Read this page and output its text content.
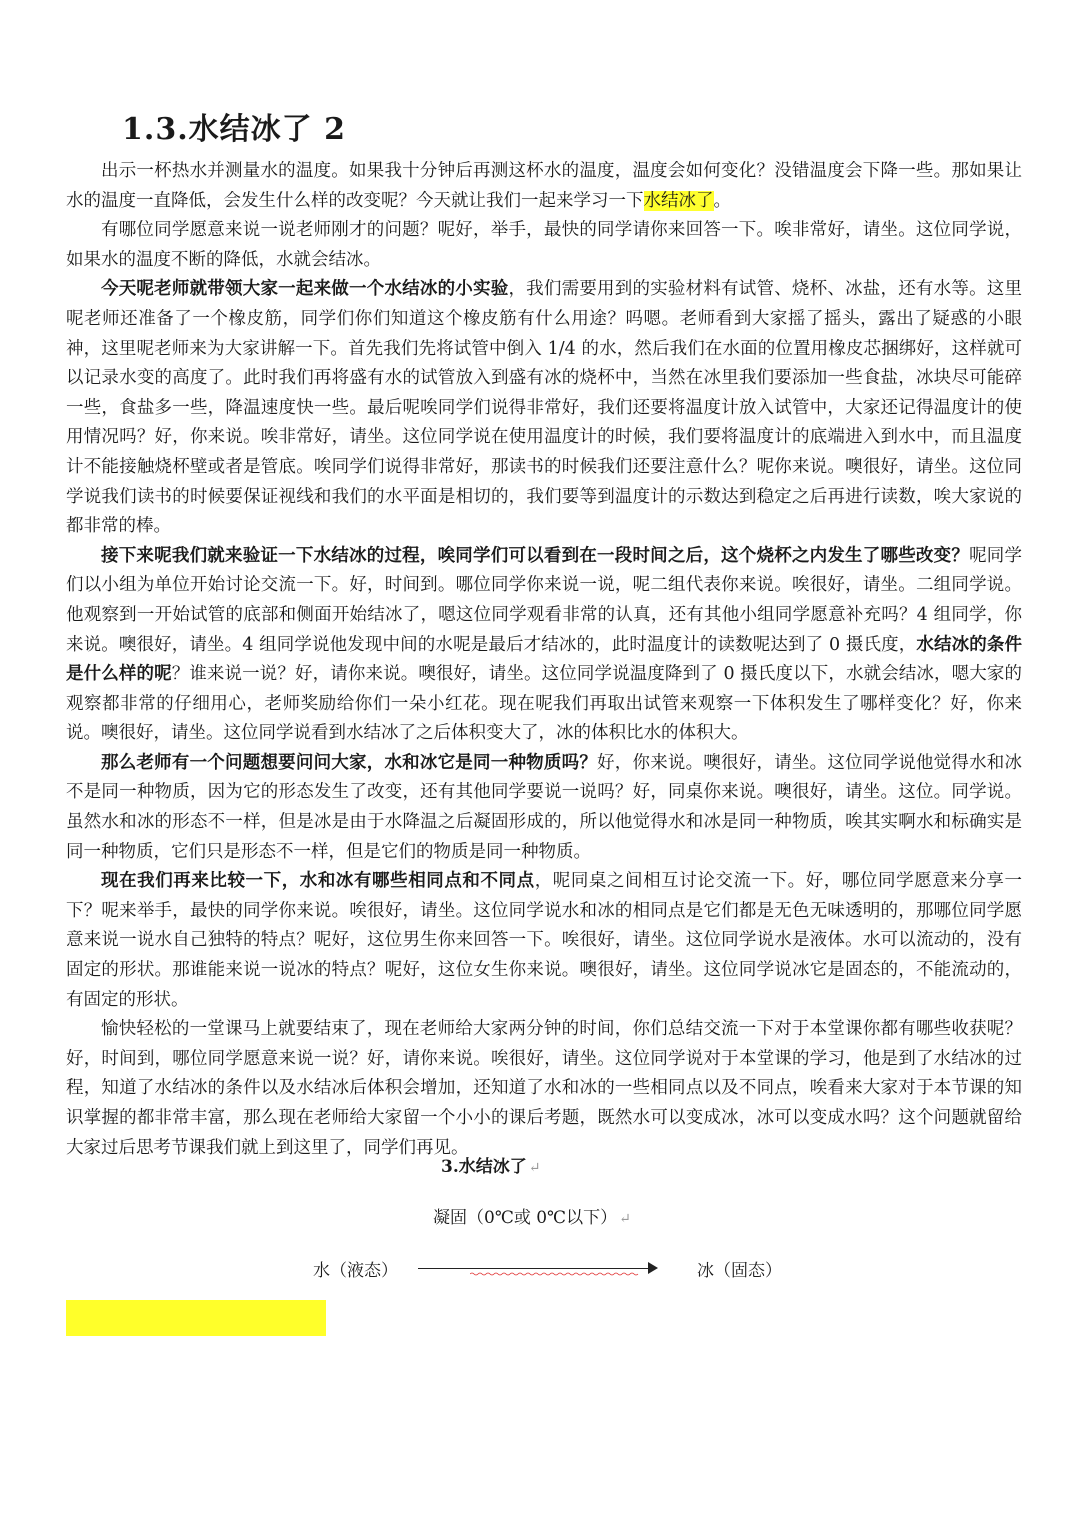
1.3.水结冰了 2

出示一杯热水并测量水的温度。如果我十分钟后再测这杯水的温度，温度会如何变化？没错温度会下降一些。那如果让水的温度一直降低，会发生什么样的改变呢？今天就让我们一起来学习一下水结冰了。

有哪位同学愿意来说一说老师刚才的问题？呢好，举手，最快的同学请你来回答一下。唉非常好，请坐。这位同学说，如果水的温度不断的降低，水就会结冰。

今天呢老师就带领大家一起来做一个水结冰的小实验，我们需要用到的实验材料有试管、烧杯、冰盐，还有水等。这里呢老师还准备了一个橡皮筋，同学们你们知道这个橡皮筋有什么用途？吗嗯。老师看到大家摇了摇头，露出了疑惑的小眼神，这里呢老师来为大家讲解一下。首先我们先将试管中倒入 1/4 的水，然后我们在水面的位置用橡皮芯捆绑好，这样就可以记录水变的高度了。此时我们再将盛有水的试管放入到盛有冰的烧杯中，当然在冰里我们要添加一些食盐，冰块尽可能碎一些，食盐多一些，降温速度快一些。最后呢唉同学们说得非常好，我们还要将温度计放入试管中，大家还记得温度计的使用情况吗？好，你来说。唉非常好，请坐。这位同学说在使用温度计的时候，我们要将温度计的底端进入到水中，而且温度计不能接触烧杯壁或者是管底。唉同学们说得非常好，那读书的时候我们还要注意什么？呢你来说。噢很好，请坐。这位同学说我们读书的时候要保证视线和我们的水平面是相切的，我们要等到温度计的示数达到稳定之后再进行读数，唉大家说的都非常的棒。

接下来呢我们就来验证一下水结冰的过程，唉同学们可以看到在一段时间之后，这个烧杯之内发生了哪些改变？呢同学们以小组为单位开始讨论交流一下。好，时间到。哪位同学你来说一说，呢二组代表你来说。唉很好，请坐。二组同学说。他观察到一开始试管的底部和侧面开始结冰了，嗯这位同学观看非常的认真，还有其他小组同学愿意补充吗？4 组同学，你来说。噢很好，请坐。4 组同学说他发现中间的水呢是最后才结冰的，此时温度计的读数呢达到了 0 摄氏度，水结冰的条件是什么样的呢？谁来说一说？好，请你来说。噢很好，请坐。这位同学说温度降到了 0 摄氏度以下，水就会结冰，嗯大家的观察都非常的仔细用心，老师奖励给你们一朵小红花。现在呢我们再取出试管来观察一下体积发生了哪样变化？好，你来说。噢很好，请坐。这位同学说看到水结冰了之后体积变大了，冰的体积比水的体积大。

那么老师有一个问题想要问问大家，水和冰它是同一种物质吗？好，你来说。噢很好，请坐。这位同学说他觉得水和冰不是同一种物质，因为它的形态发生了改变，还有其他同学要说一说吗？好，同桌你来说。噢很好，请坐。这位。同学说。虽然水和冰的形态不一样，但是冰是由于水降温之后凝固形成的，所以他觉得水和冰是同一种物质，唉其实啊水和标确实是同一种物质，它们只是形态不一样，但是它们的物质是同一种物质。

现在我们再来比较一下，水和冰有哪些相同点和不同点，呢同桌之间相互讨论交流一下。好，哪位同学愿意来分享一下？呢来举手，最快的同学你来说。唉很好，请坐。这位同学说水和冰的相同点是它们都是无色无味透明的，那哪位同学愿意来说一说水自己独特的特点？呢好，这位男生你来回答一下。唉很好，请坐。这位同学说水是液体。水可以流动的，没有固定的形状。那谁能来说一说冰的特点？呢好，这位女生你来说。噢很好，请坐。这位同学说冰它是固态的，不能流动的，有固定的形状。

愉快轻松的一堂课马上就要结束了，现在老师给大家两分钟的时间，你们总结交流一下对于本堂课你都有哪些收获呢？好，时间到，哪位同学愿意来说一说？好，请你来说。唉很好，请坐。这位同学说对于本堂课的学习，他是到了水结冰的过程，知道了水结冰的条件以及水结冰后体积会增加，还知道了水和冰的一些相同点以及不同点，唉看来大家对于本节课的知识掌握的都非常丰富，那么现在老师给大家留一个小小的课后考题，既然水可以变成冰，冰可以变成水吗？这个问题就留给大家过后思考节课我们就上到这里了，同学们再见。

3.水结冰了 ↵
凝固（0℃或 0℃以下） ↵
水（液态）	冰（固态）
